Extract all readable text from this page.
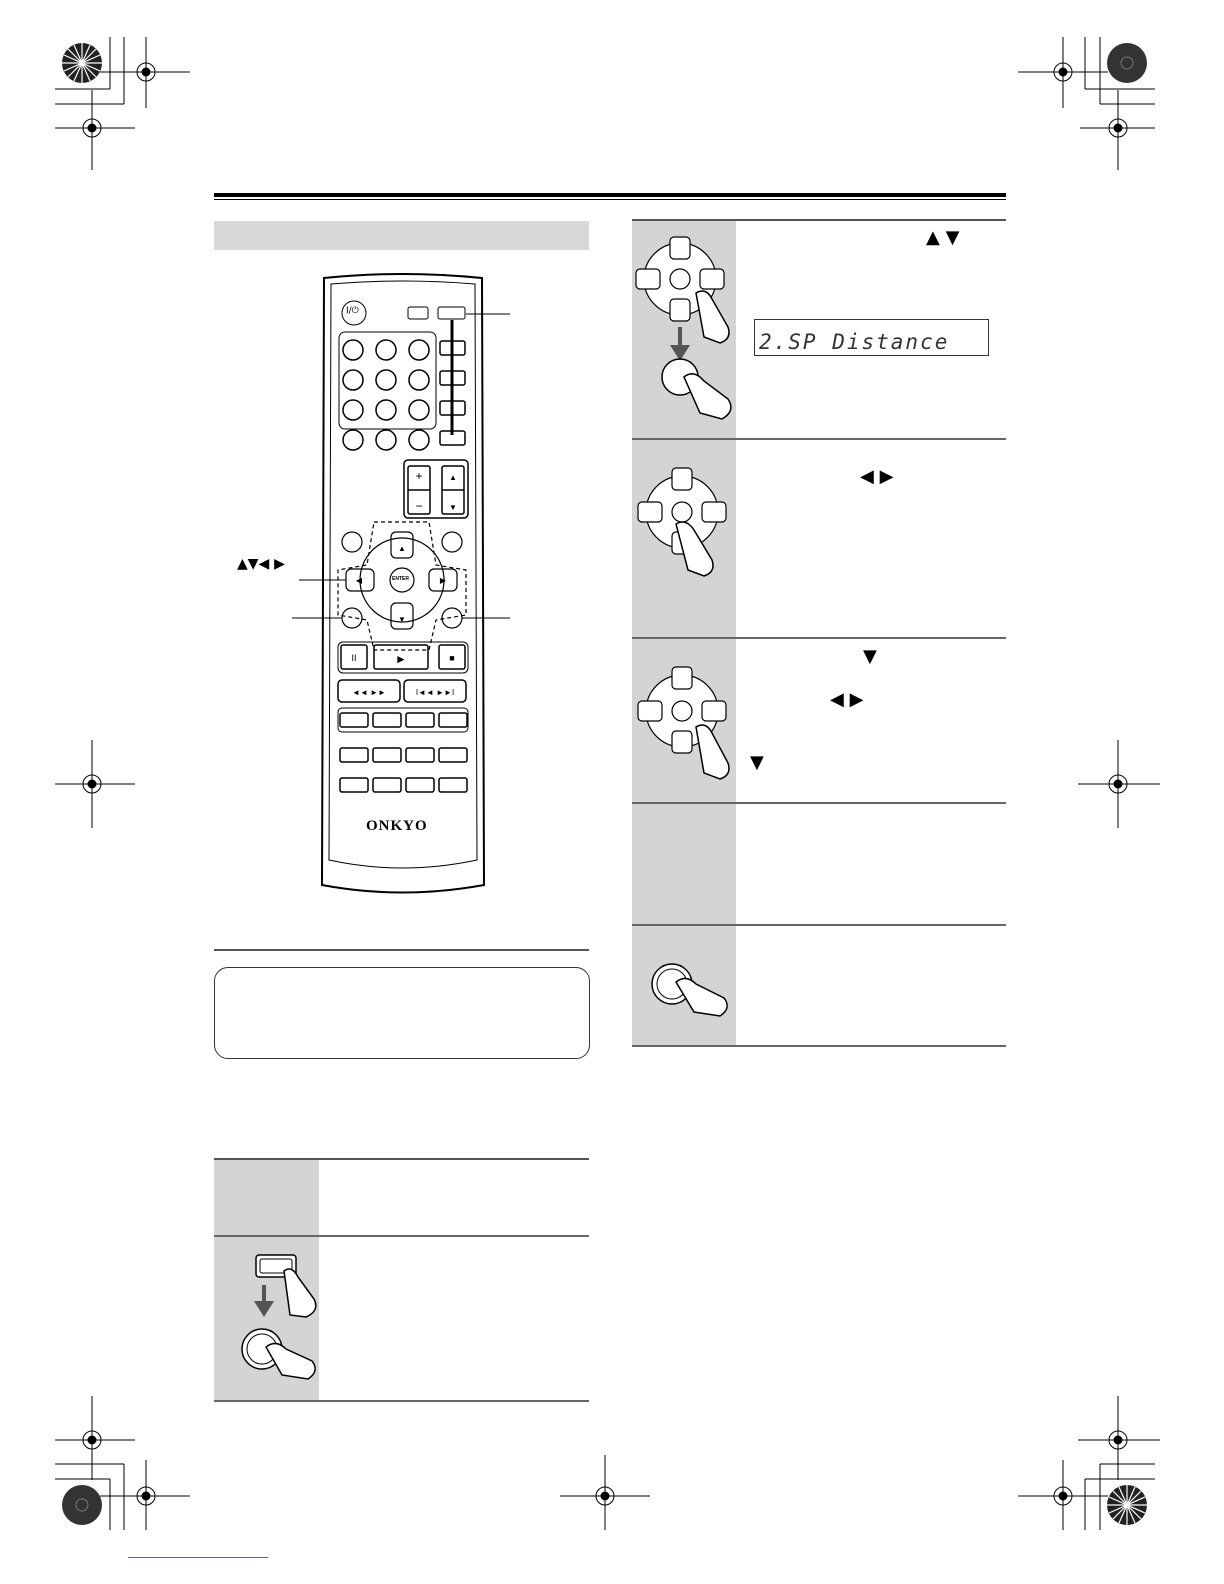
+
−
▲
▼
▲
▼
◀	▶
II	►	■
◄◄ ►►	I◄◄ ►►I
▲▼◀ ▶
I/⏻
ENTER
ONKYO
▲ ▼
2.SP Distance
◀ ▶
▼
◀ ▶
▼
